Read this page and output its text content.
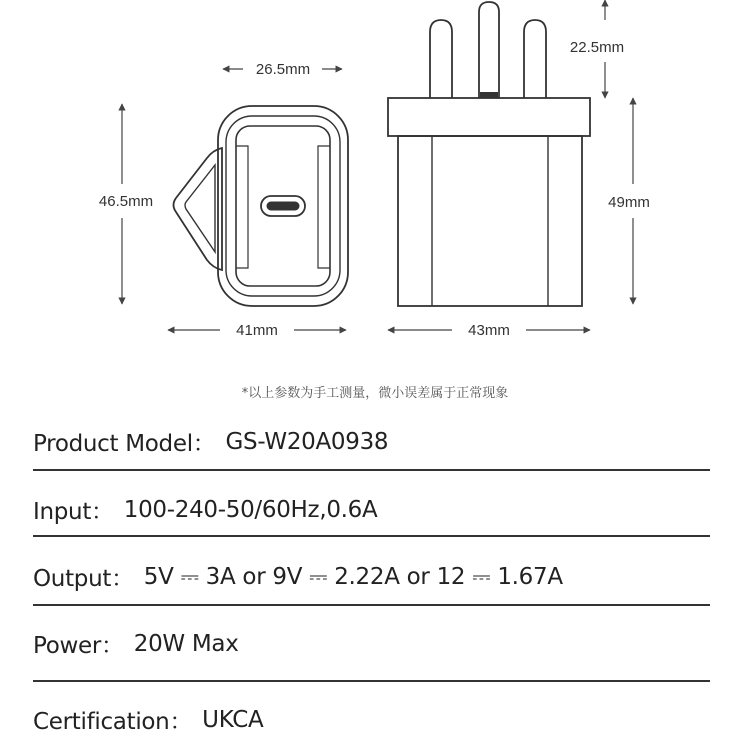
26.5mm
46.5mm
41mm
22.5mm
49mm
43mm
*以上参数为手工测量，微小误差属于正常现象
Product Model： GS-W20A0938
Input： 100-240-50/60Hz,0.6A
Output： 5V ⎓ 3A or 9V ⎓ 2.22A or 12 ⎓ 1.67A
Power： 20W Max
Certification： UKCA
